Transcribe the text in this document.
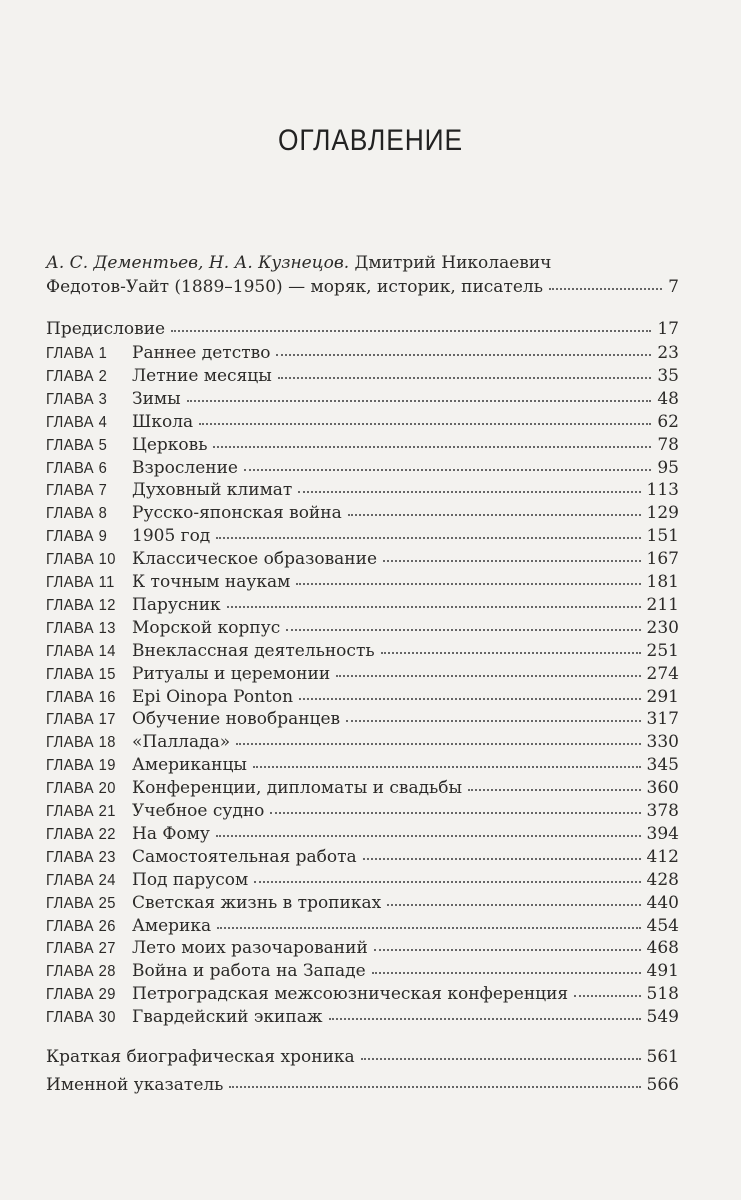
ОГЛАВЛЕНИЕ
А. С. Дементьев, Н. А. Кузнецов. Дмитрий Николаевич
Федотов-Уайт (1889–1950) — моряк, историк, писатель	7
Предисловие	17
ГЛАВА 1	Раннее детство	23
ГЛАВА 2	Летние месяцы	35
ГЛАВА 3	Зимы	48
ГЛАВА 4	Школа	62
ГЛАВА 5	Церковь	78
ГЛАВА 6	Взросление	95
ГЛАВА 7	Духовный климат	113
ГЛАВА 8	Русско-японская война	129
ГЛАВА 9	1905 год	151
ГЛАВА 10 Классическое образование	167
ГЛАВА 11	К точным наукам	181
ГЛАВА 12 Парусник	211
ГЛАВА 13 Морской корпус	230
ГЛАВА 14 Внеклассная деятельность	251
ГЛАВА 15 Ритуалы и церемонии	274
ГЛАВА 16 Epi Oinopa Ponton	291
ГЛАВА 17 Обучение новобранцев	317
ГЛАВА 18 «Паллада»	330
ГЛАВА 19 Американцы	345
ГЛАВА 20 Конференции, дипломаты и свадьбы	360
ГЛАВА 21 Учебное судно	378
ГЛАВА 22 На Фому	394
ГЛАВА 23 Самостоятельная работа	412
ГЛАВА 24 Под парусом	428
ГЛАВА 25 Светская жизнь в тропиках	440
ГЛАВА 26 Америка	454
ГЛАВА 27 Лето моих разочарований	468
ГЛАВА 28 Война и работа на Западе	491
ГЛАВА 29 Петроградская межсоюзническая конференция	518
ГЛАВА 30 Гвардейский экипаж	549
Краткая биографическая хроника	561
Именной указатель	566
